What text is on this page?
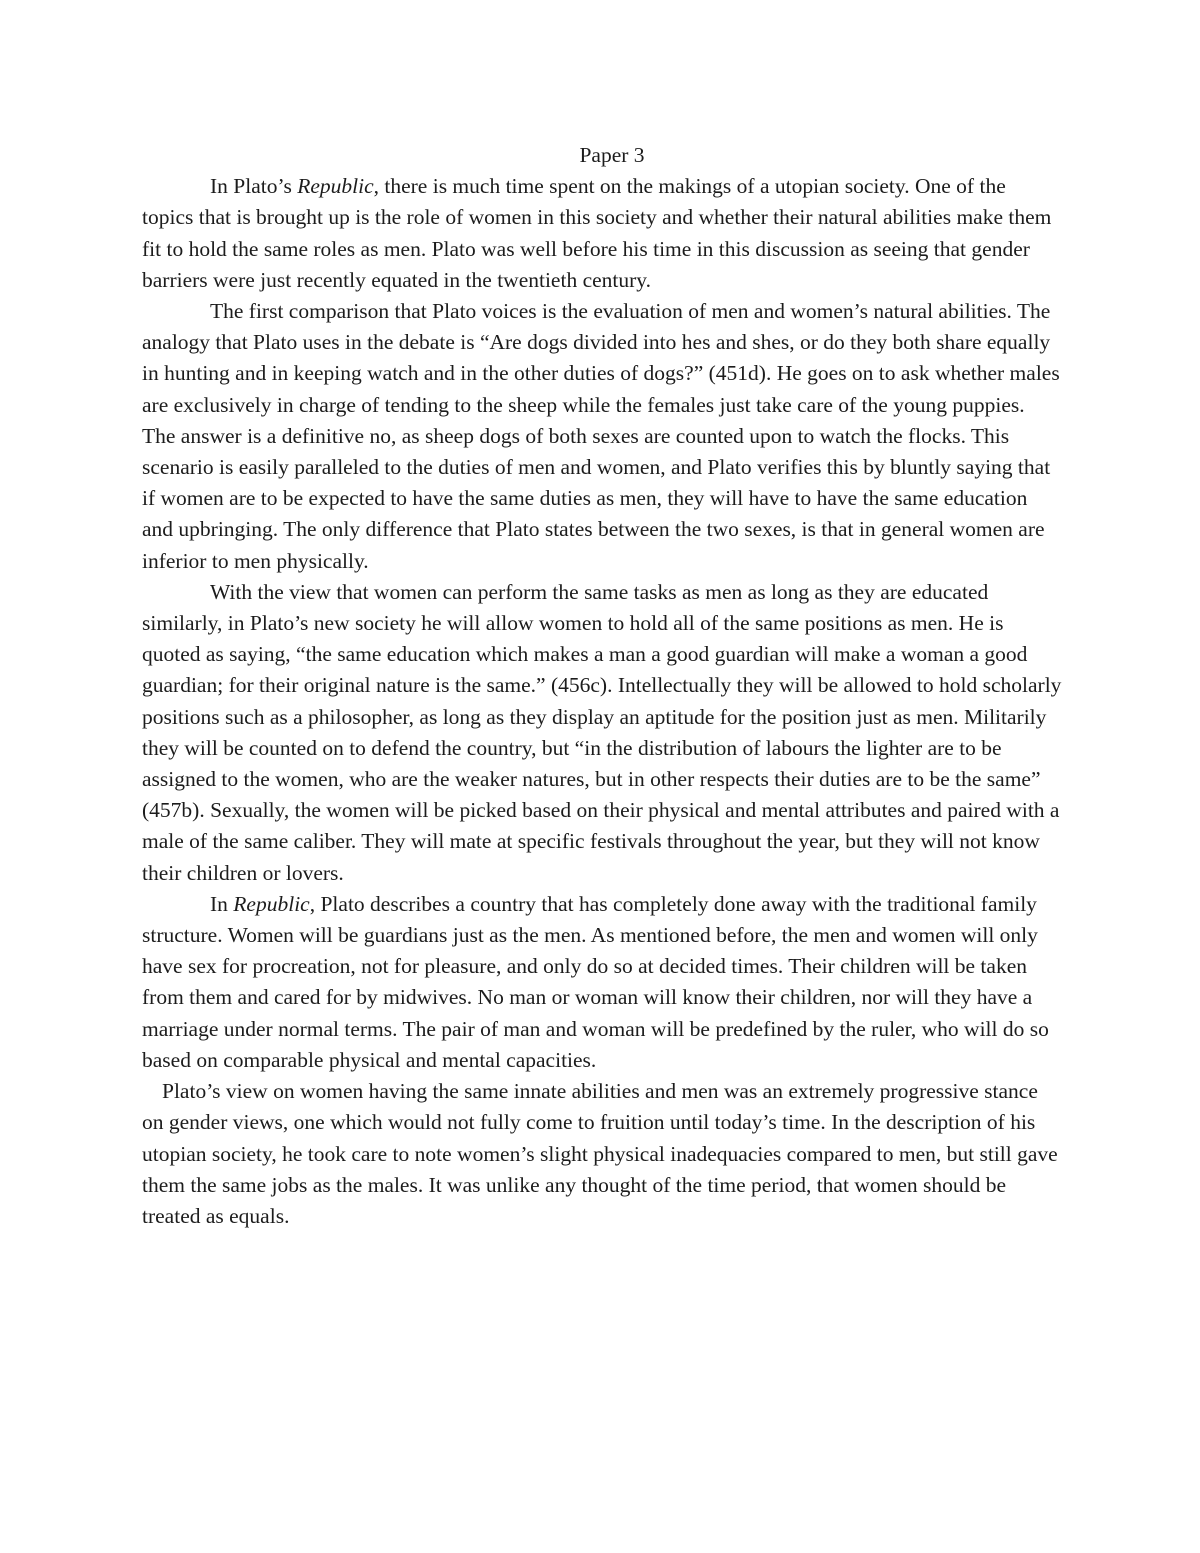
Paper 3

In Plato’s Republic, there is much time spent on the makings of a utopian society. One of the topics that is brought up is the role of women in this society and whether their natural abilities make them fit to hold the same roles as men. Plato was well before his time in this discussion as seeing that gender barriers were just recently equated in the twentieth century.

The first comparison that Plato voices is the evaluation of men and women’s natural abilities. The analogy that Plato uses in the debate is “Are dogs divided into hes and shes, or do they both share equally in hunting and in keeping watch and in the other duties of dogs?” (451d). He goes on to ask whether males are exclusively in charge of tending to the sheep while the females just take care of the young puppies. The answer is a definitive no, as sheep dogs of both sexes are counted upon to watch the flocks. This scenario is easily paralleled to the duties of men and women, and Plato verifies this by bluntly saying that if women are to be expected to have the same duties as men, they will have to have the same education and upbringing. The only difference that Plato states between the two sexes, is that in general women are inferior to men physically.

With the view that women can perform the same tasks as men as long as they are educated similarly, in Plato’s new society he will allow women to hold all of the same positions as men. He is quoted as saying, “the same education which makes a man a good guardian will make a woman a good guardian; for their original nature is the same.” (456c). Intellectually they will be allowed to hold scholarly positions such as a philosopher, as long as they display an aptitude for the position just as men. Militarily they will be counted on to defend the country, but “in the distribution of labours the lighter are to be assigned to the women, who are the weaker natures, but in other respects their duties are to be the same” (457b). Sexually, the women will be picked based on their physical and mental attributes and paired with a male of the same caliber. They will mate at specific festivals throughout the year, but they will not know their children or lovers.

In Republic, Plato describes a country that has completely done away with the traditional family structure. Women will be guardians just as the men. As mentioned before, the men and women will only have sex for procreation, not for pleasure, and only do so at decided times. Their children will be taken from them and cared for by midwives. No man or woman will know their children, nor will they have a marriage under normal terms. The pair of man and woman will be predefined by the ruler, who will do so based on comparable physical and mental capacities.

Plato’s view on women having the same innate abilities and men was an extremely progressive stance on gender views, one which would not fully come to fruition until today’s time. In the description of his utopian society, he took care to note women’s slight physical inadequacies compared to men, but still gave them the same jobs as the males. It was unlike any thought of the time period, that women should be treated as equals.
